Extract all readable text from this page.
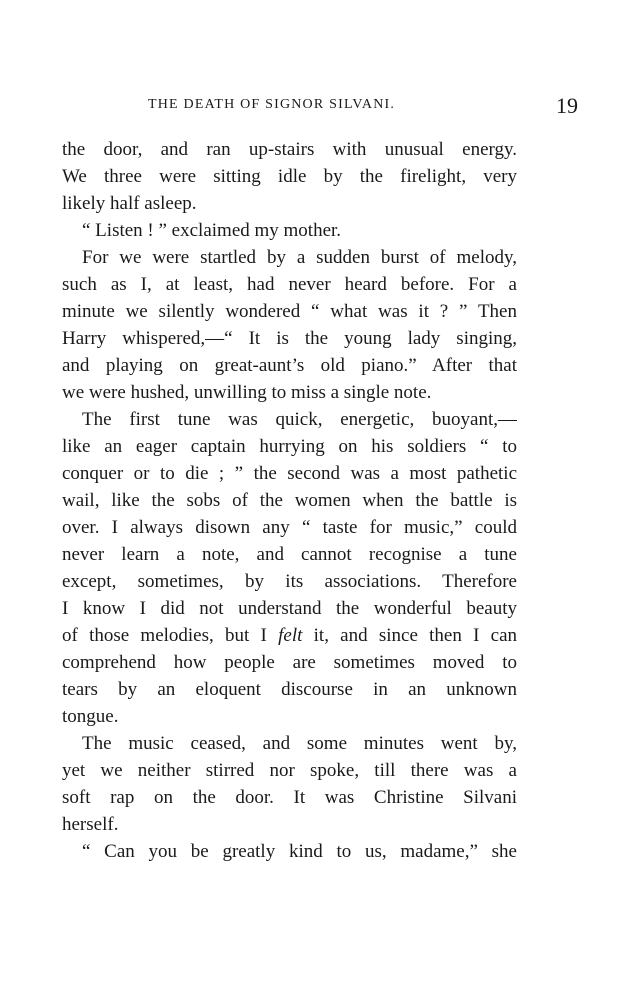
THE DEATH OF SIGNOR SILVANI.	19
the door, and ran up-stairs with unusual energy.
We three were sitting idle by the firelight, very
likely half asleep.
“ Listen ! ” exclaimed my mother.
For we were startled by a sudden burst of melody,
such as I, at least, had never heard before. For a
minute we silently wondered “ what was it ? ” Then
Harry whispered,—“ It is the young lady singing,
and playing on great-aunt’s old piano.” After that
we were hushed, unwilling to miss a single note.
The first tune was quick, energetic, buoyant,—
like an eager captain hurrying on his soldiers “ to
conquer or to die ; ” the second was a most pathetic
wail, like the sobs of the women when the battle is
over. I always disown any “ taste for music,” could
never learn a note, and cannot recognise a tune
except, sometimes, by its associations. Therefore
I know I did not understand the wonderful beauty
of those melodies, but I felt it, and since then I can
comprehend how people are sometimes moved to
tears by an eloquent discourse in an unknown
tongue.
The music ceased, and some minutes went by,
yet we neither stirred nor spoke, till there was a
soft rap on the door. It was Christine Silvani
herself.
“ Can you be greatly kind to us, madame,” she
